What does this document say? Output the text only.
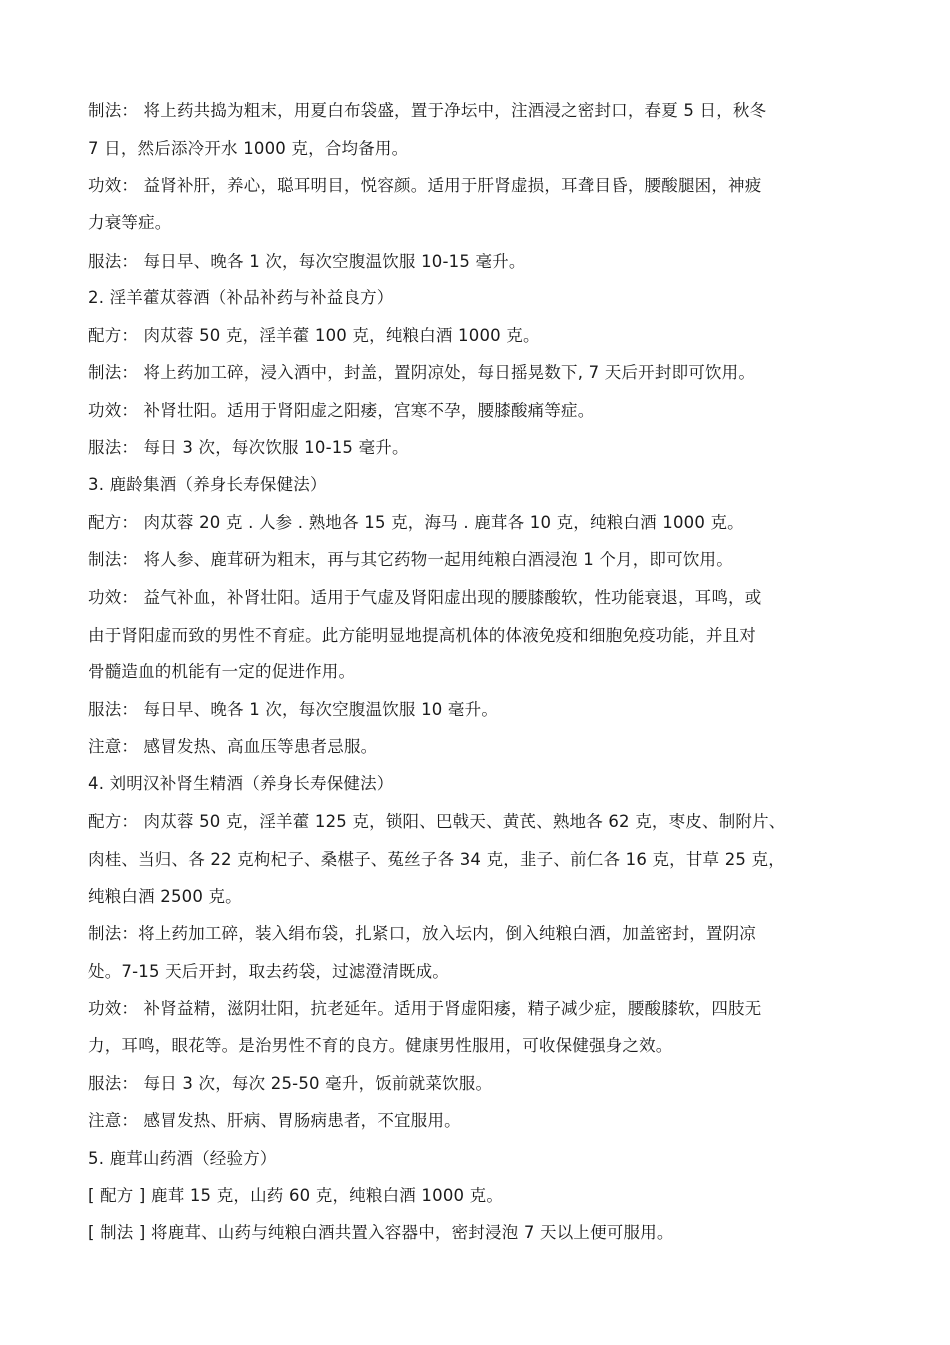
制法： 将上药共捣为粗末，用夏白布袋盛，置于净坛中，注酒浸之密封口，春夏 5 日，秋冬
7 日，然后添冷开水 1000 克，合均备用。
功效： 益肾补肝，养心，聪耳明目，悦容颜。适用于肝肾虚损，耳聋目昏，腰酸腿困，神疲
力衰等症。
服法： 每日早、晚各 1 次，每次空腹温饮服 10-15 毫升。
2. 淫羊藿苁蓉酒（补品补药与补益良方）
配方： 肉苁蓉 50 克，淫羊藿 100 克，纯粮白酒 1000 克。
制法： 将上药加工碎，浸入酒中，封盖，置阴凉处，每日摇晃数下, 7 天后开封即可饮用。
功效： 补肾壮阳。适用于肾阳虚之阳痿，宫寒不孕，腰膝酸痛等症。
服法： 每日 3 次，每次饮服 10-15 毫升。
3. 鹿龄集酒（养身长寿保健法）
配方： 肉苁蓉 20 克 . 人参 . 熟地各 15 克，海马 . 鹿茸各 10 克，纯粮白酒 1000 克。
制法： 将人参、鹿茸研为粗末，再与其它药物一起用纯粮白酒浸泡 1 个月，即可饮用。
功效： 益气补血，补肾壮阳。适用于气虚及肾阳虚出现的腰膝酸软，性功能衰退，耳鸣，或
由于肾阳虚而致的男性不育症。此方能明显地提高机体的体液免疫和细胞免疫功能，并且对
骨髓造血的机能有一定的促进作用。
服法： 每日早、晚各 1 次，每次空腹温饮服 10 毫升。
注意： 感冒发热、高血压等患者忌服。
4. 刘明汉补肾生精酒（养身长寿保健法）
配方： 肉苁蓉 50 克，淫羊藿 125 克，锁阳、巴戟天、黄芪、熟地各 62 克，枣皮、制附片、
肉桂、当归、各 22 克枸杞子、桑椹子、菟丝子各 34 克，韭子、前仁各 16 克，甘草 25 克，
纯粮白酒 2500 克。
制法：将上药加工碎，装入绢布袋，扎紧口，放入坛内，倒入纯粮白酒，加盖密封，置阴凉
处。7-15 天后开封，取去药袋，过滤澄清既成。
功效： 补肾益精，滋阴壮阳，抗老延年。适用于肾虚阳痿，精子减少症，腰酸膝软，四肢无
力，耳鸣，眼花等。是治男性不育的良方。健康男性服用，可收保健强身之效。
服法： 每日 3 次，每次 25-50 毫升，饭前就菜饮服。
注意： 感冒发热、肝病、胃肠病患者，不宜服用。
5. 鹿茸山药酒（经验方）
[ 配方 ] 鹿茸 15 克，山药 60 克，纯粮白酒 1000 克。
[ 制法 ] 将鹿茸、山药与纯粮白酒共置入容器中，密封浸泡 7 天以上便可服用。
